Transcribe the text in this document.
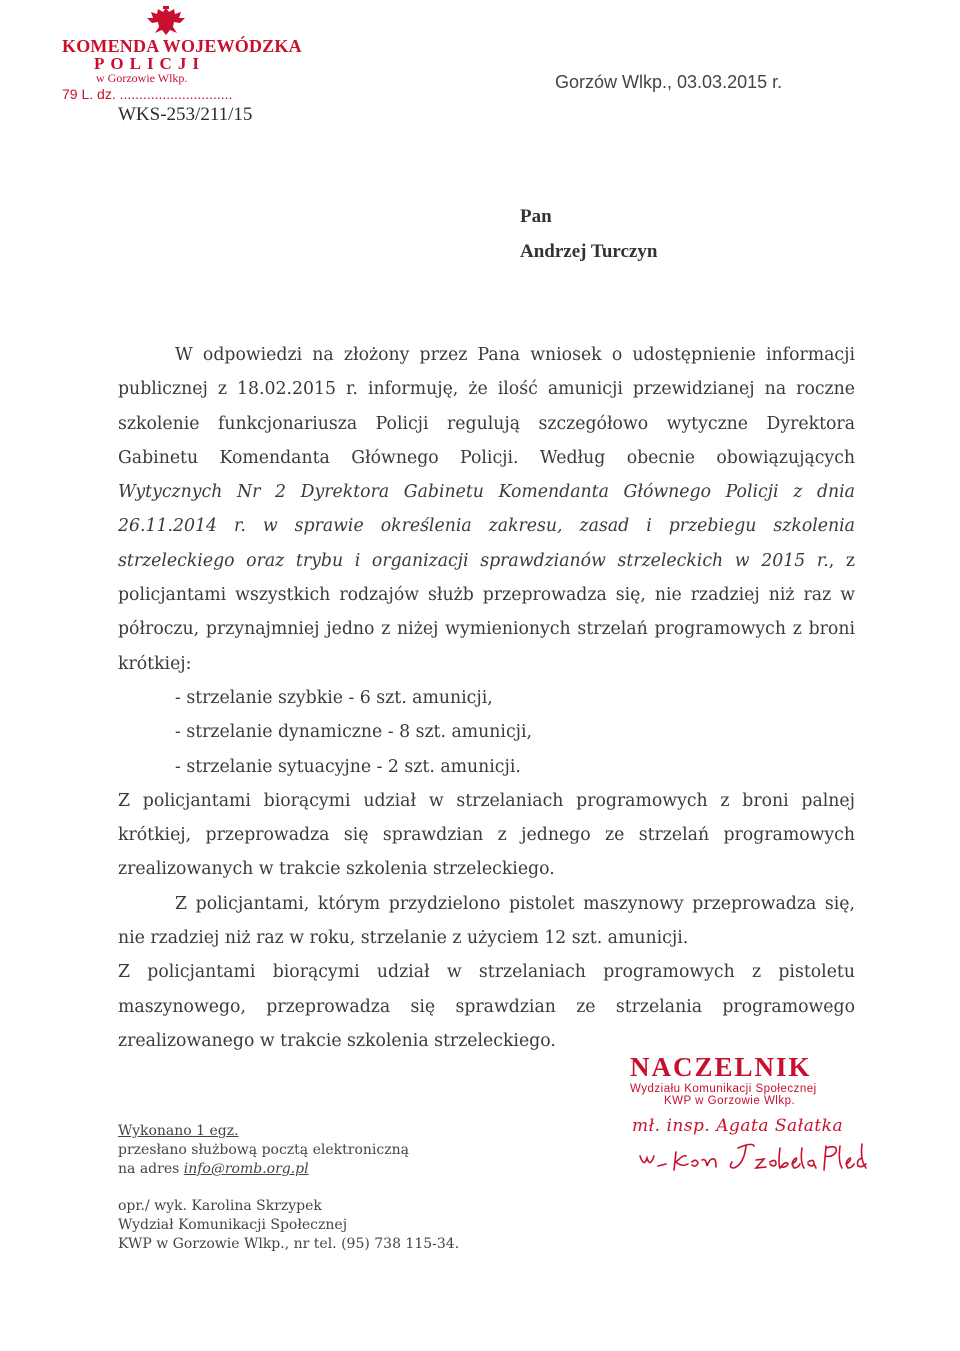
KOMENDA WOJEWÓDZKA
POLICJI
w Gorzowie Wlkp.
79 L. dz. .............................
WKS-253/211/15
Gorzów Wlkp., 03.03.2015 r.
Pan
Andrzej Turczyn

W odpowiedzi na złożony przez Pana wniosek o udostępnienie informacji publicznej z 18.02.2015 r. informuję, że ilość amunicji przewidzianej na roczne szkolenie funkcjonariusza Policji regulują szczegółowo wytyczne Dyrektora Gabinetu Komendanta Głównego Policji. Według obecnie obowiązujących Wytycznych Nr 2 Dyrektora Gabinetu Komendanta Głównego Policji z dnia 26.11.2014 r. w sprawie określenia zakresu, zasad i przebiegu szkolenia strzeleckiego oraz trybu i organizacji sprawdzianów strzeleckich w 2015 r., z policjantami wszystkich rodzajów służb przeprowadza się, nie rzadziej niż raz w półroczu, przynajmniej jedno z niżej wymienionych strzelań programowych z broni krótkiej:

- strzelanie szybkie - 6 szt. amunicji,

- strzelanie dynamiczne - 8 szt. amunicji,

- strzelanie sytuacyjne - 2 szt. amunicji.

Z policjantami biorącymi udział w strzelaniach programowych z broni palnej krótkiej, przeprowadza się sprawdzian z jednego ze strzelań programowych zrealizowanych w trakcie szkolenia strzeleckiego.

Z policjantami, którym przydzielono pistolet maszynowy przeprowadza się, nie rzadziej niż raz w roku, strzelanie z użyciem 12 szt. amunicji.

Z policjantami biorącymi udział w strzelaniach programowych z pistoletu maszynowego, przeprowadza się sprawdzian ze strzelania programowego zrealizowanego w trakcie szkolenia strzeleckiego.

NACZELNIK
Wydziału Komunikacji Społecznej
KWP w Gorzowie Wlkp.
mł. insp. Agata Sałatka
Wykonano 1 egz.
przesłano służbową pocztą elektroniczną
na adres info@romb.org.pl
opr./ wyk. Karolina Skrzypek
Wydział Komunikacji Społecznej
KWP w Gorzowie Wlkp., nr tel. (95) 738 115-34.
